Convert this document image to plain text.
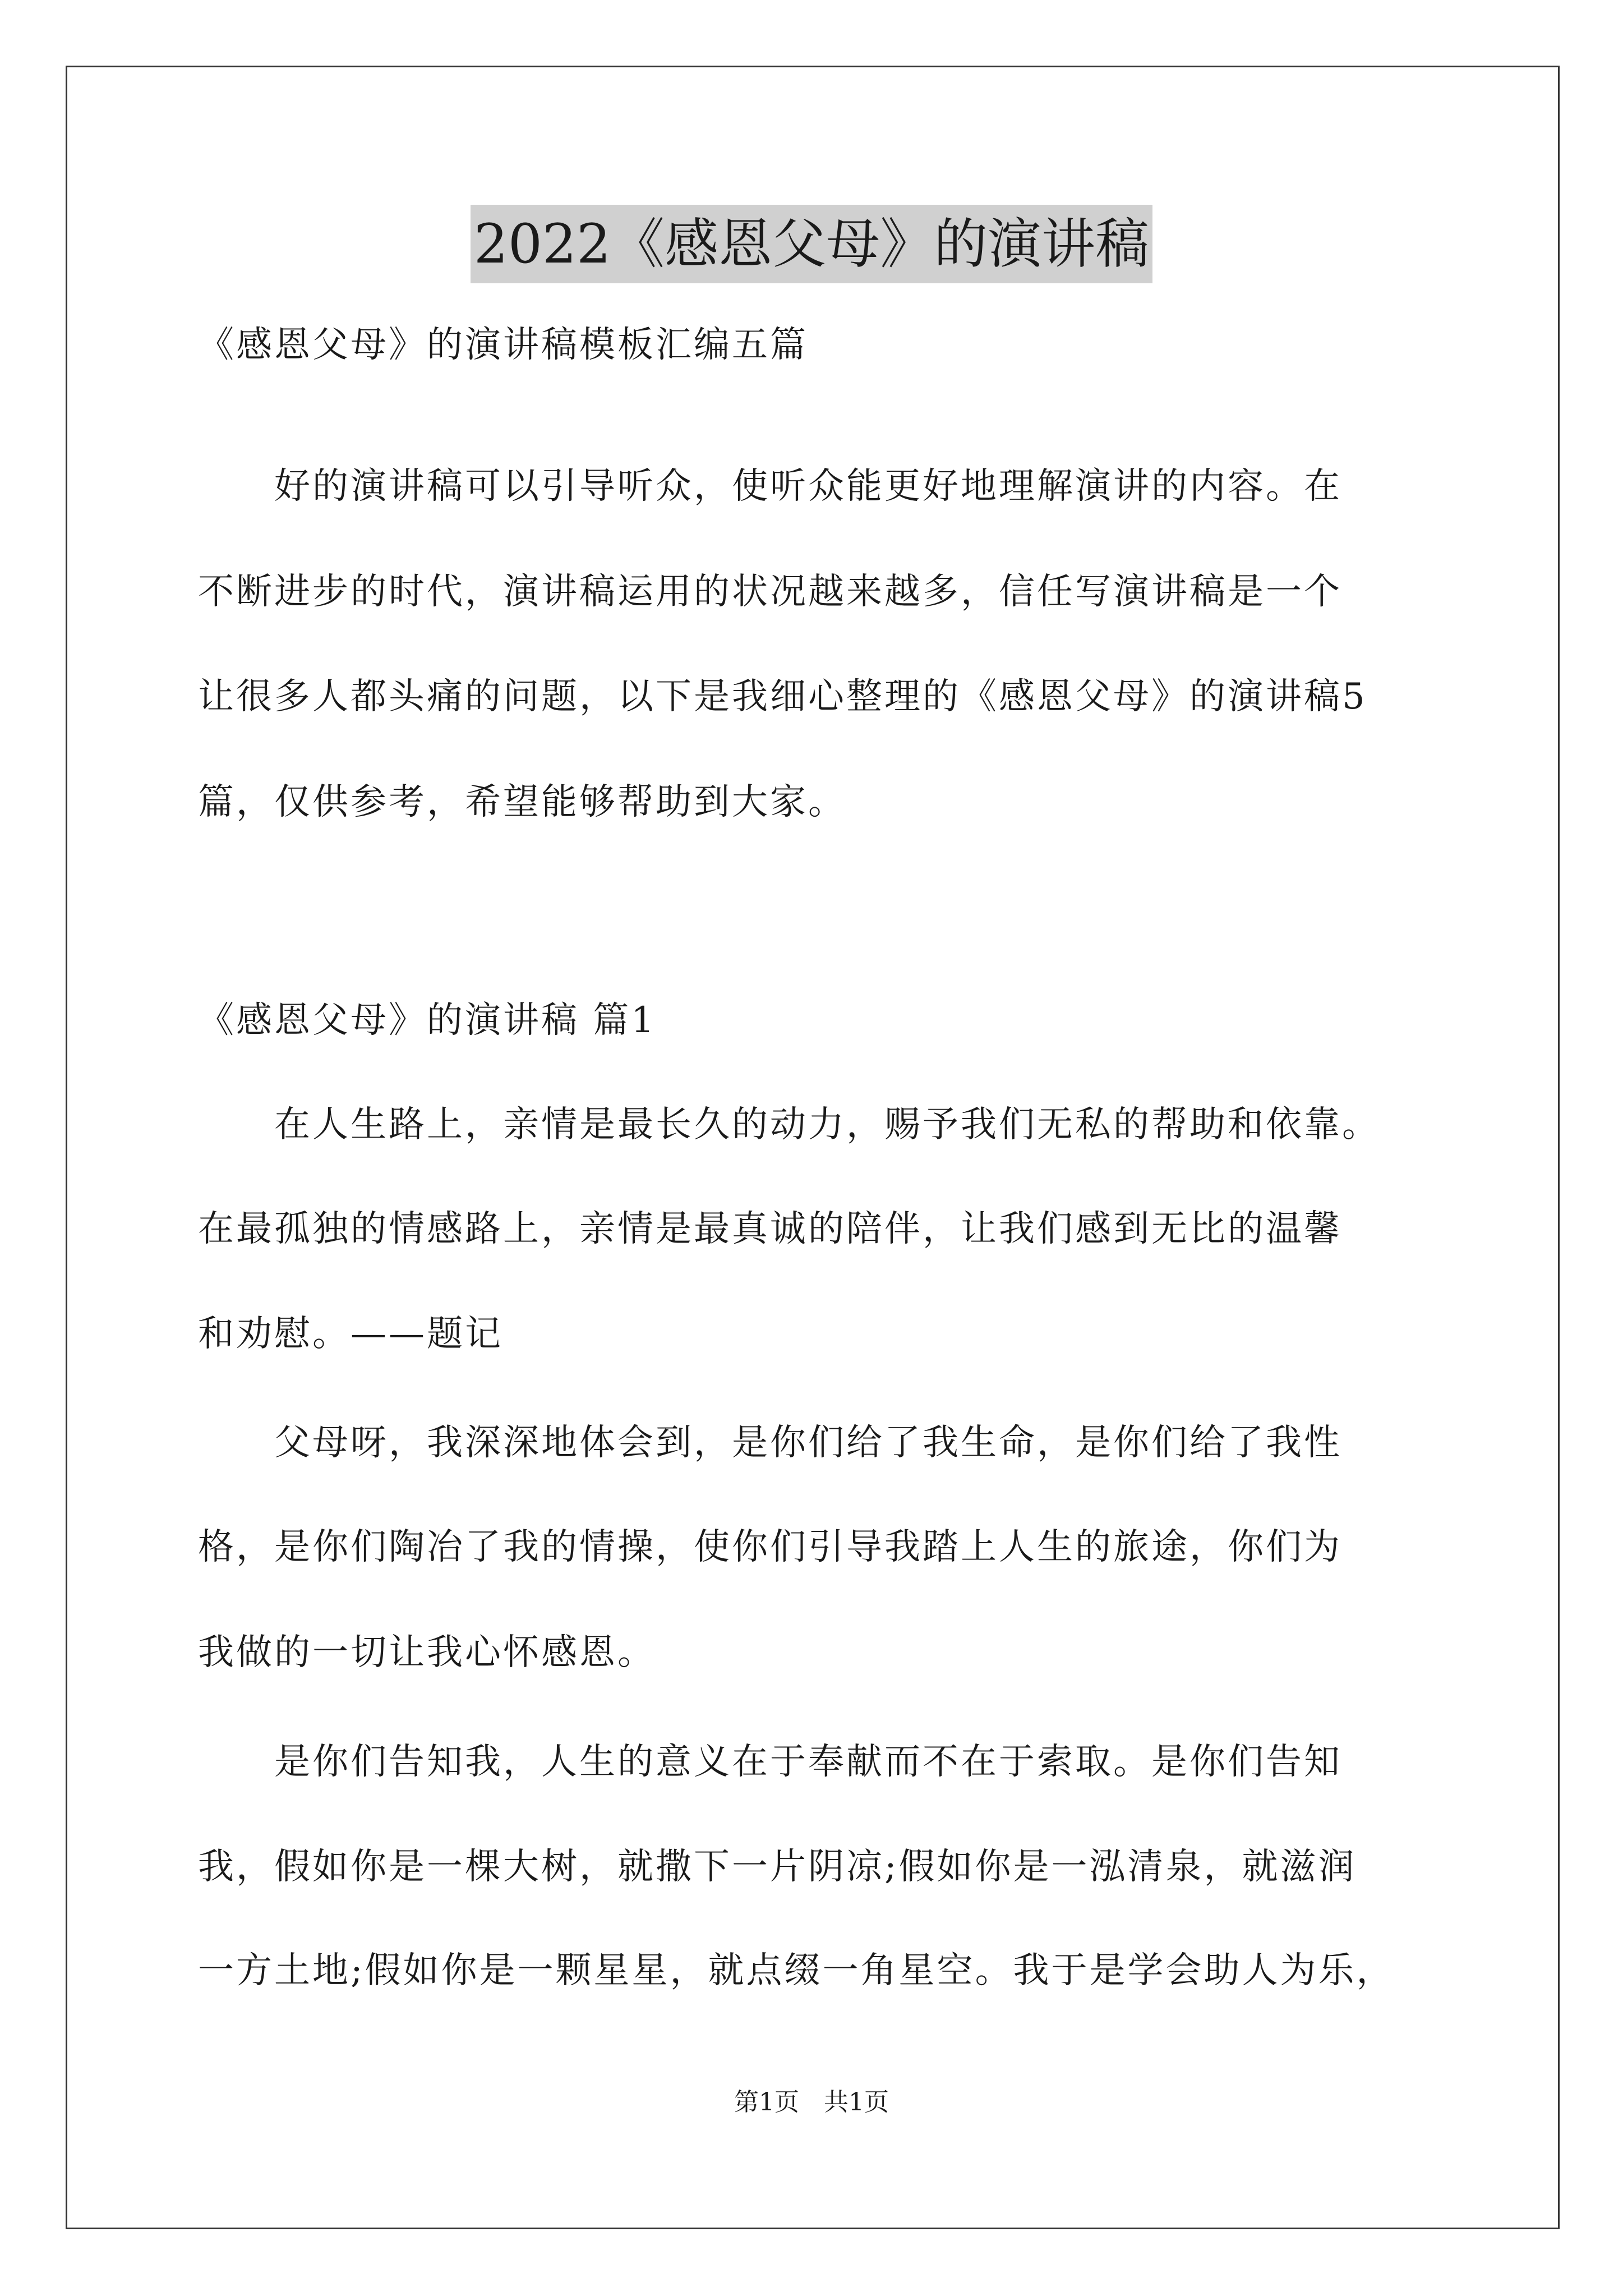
2022《感恩父母》的演讲稿
《感恩父母》的演讲稿模板汇编五篇
　　好的演讲稿可以引导听众，使听众能更好地理解演讲的内容。在
不断进步的时代，演讲稿运用的状况越来越多，信任写演讲稿是一个
让很多人都头痛的问题，以下是我细心整理的《感恩父母》的演讲稿5
篇，仅供参考，希望能够帮助到大家。
《感恩父母》的演讲稿 篇1
　　在人生路上，亲情是最长久的动力，赐予我们无私的帮助和依靠。
在最孤独的情感路上，亲情是最真诚的陪伴，让我们感到无比的温馨
和劝慰。——题记
　　父母呀，我深深地体会到，是你们给了我生命，是你们给了我性
格，是你们陶冶了我的情操，使你们引导我踏上人生的旅途，你们为
我做的一切让我心怀感恩。
　　是你们告知我，人生的意义在于奉献而不在于索取。是你们告知
我，假如你是一棵大树，就撒下一片阴凉;假如你是一泓清泉，就滋润
一方土地;假如你是一颗星星，就点缀一角星空。我于是学会助人为乐，
第1页　共1页
